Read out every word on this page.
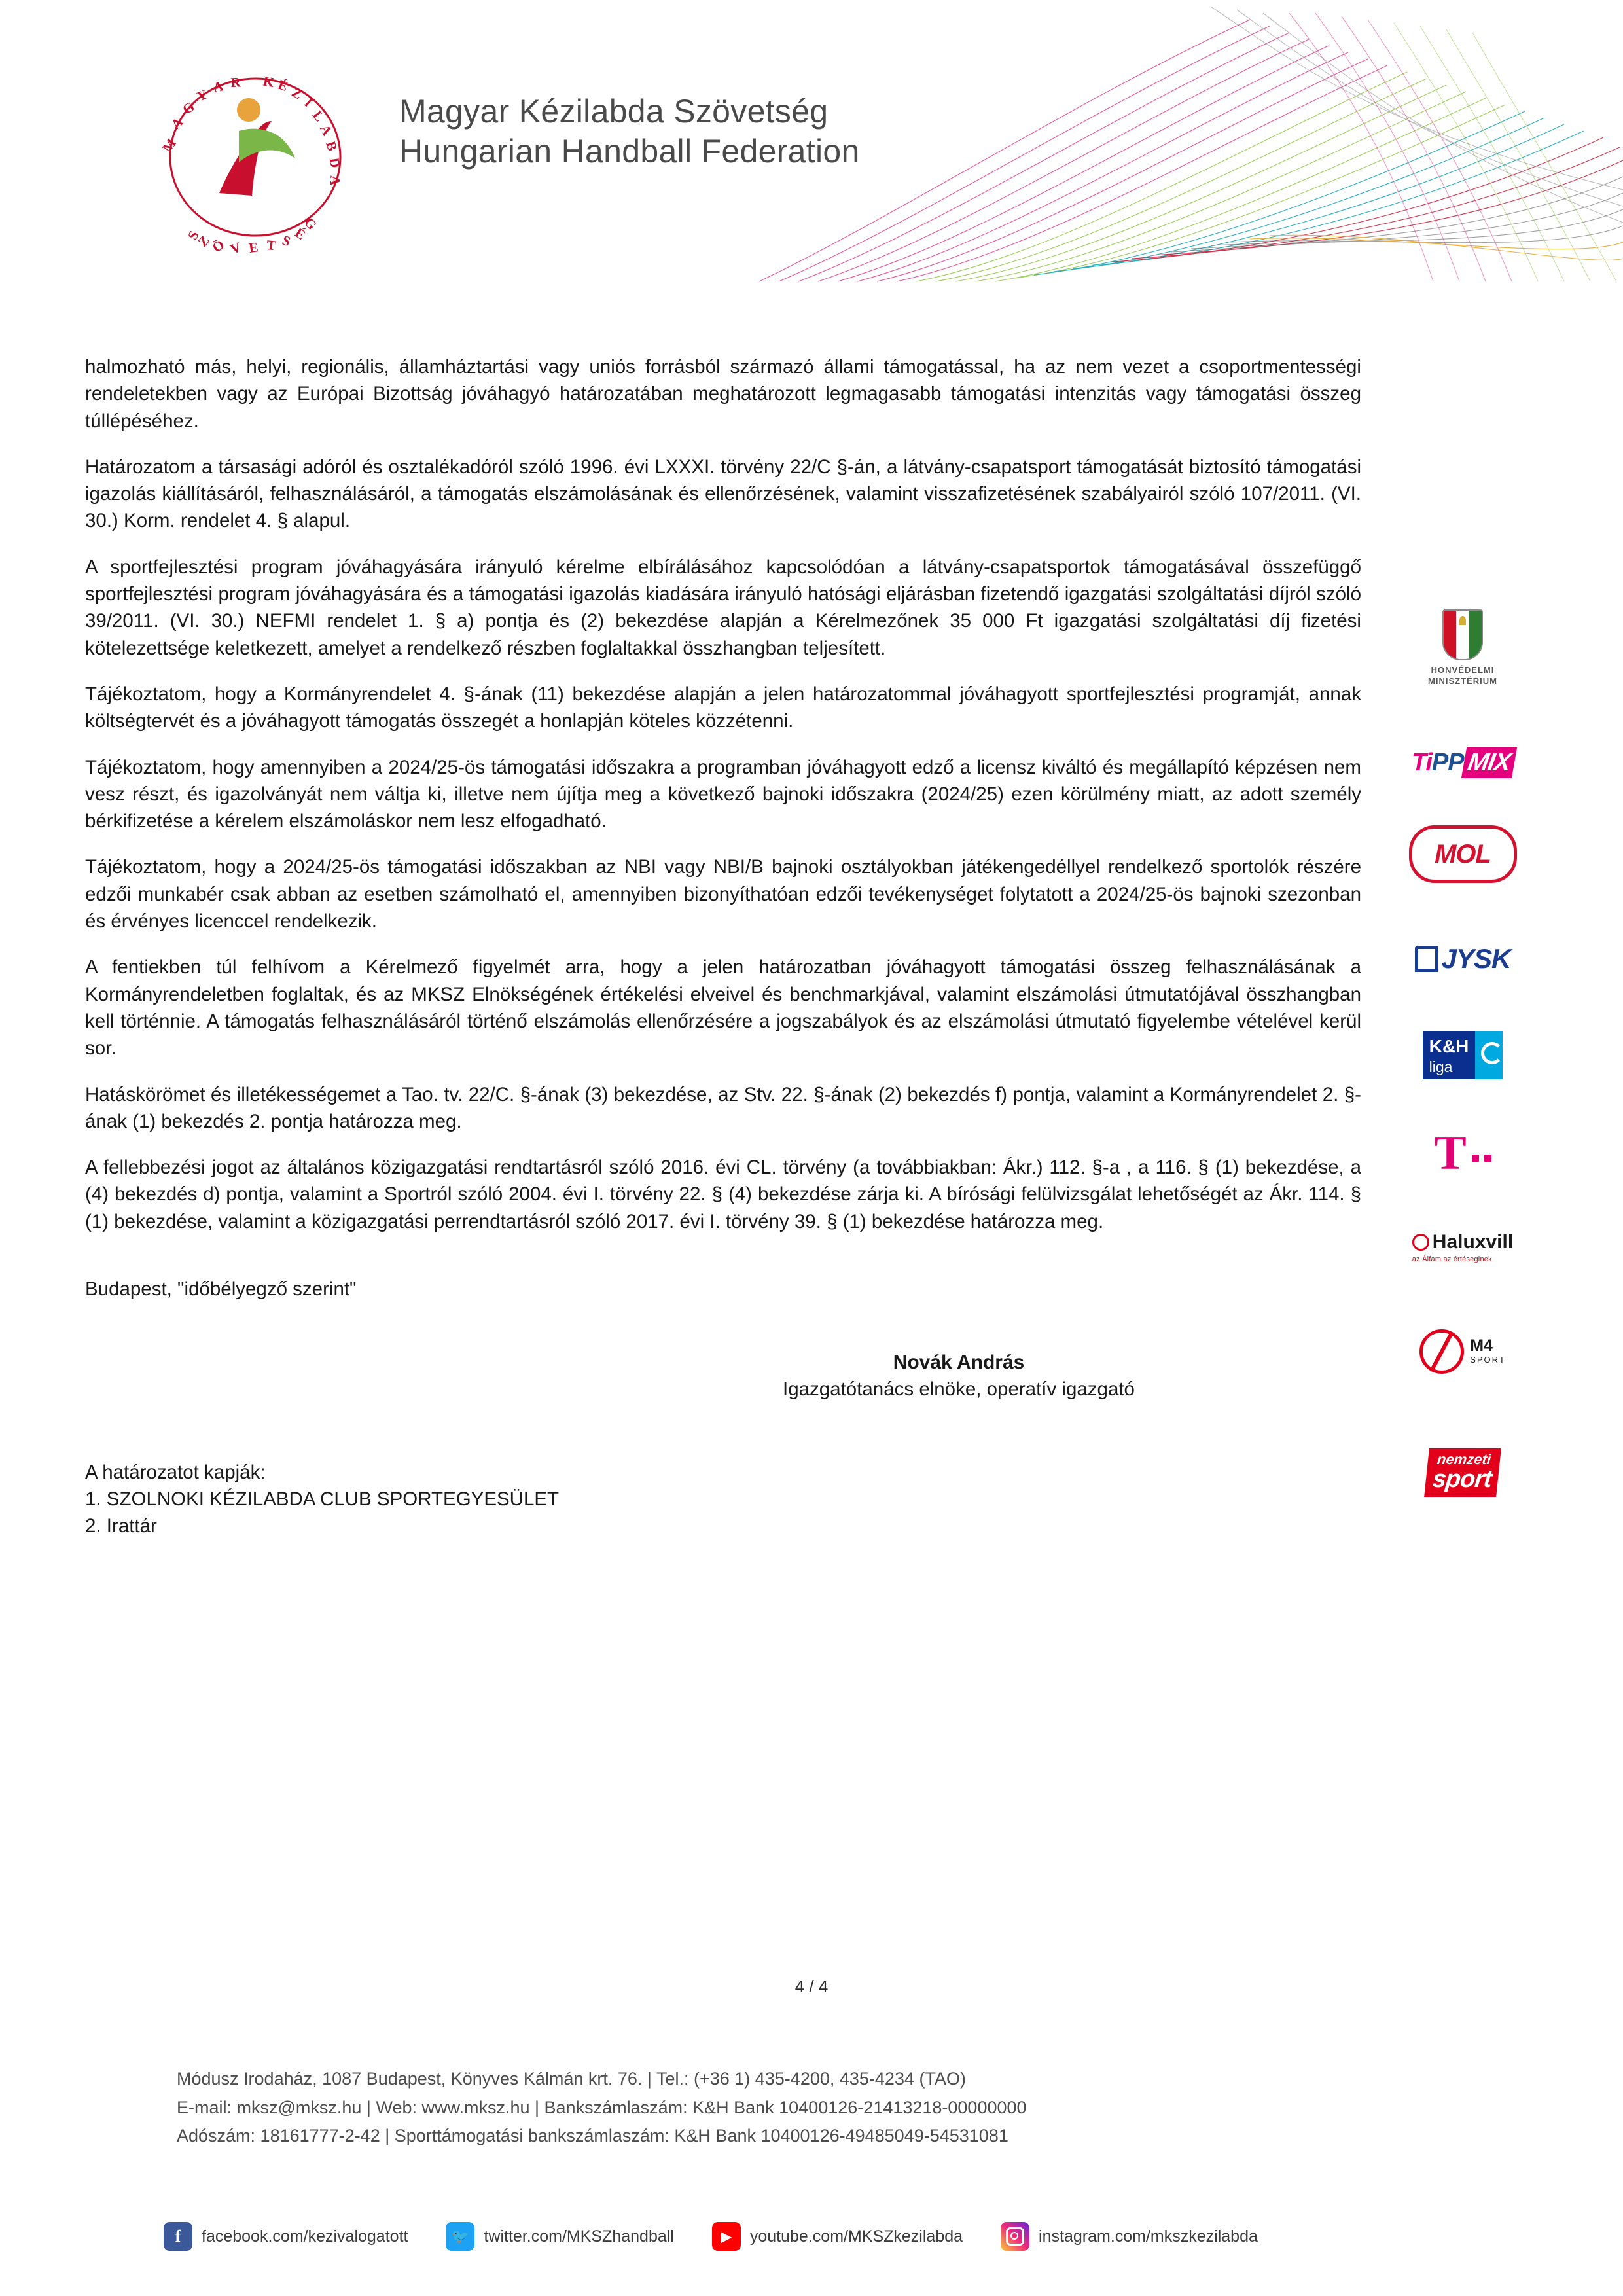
M
A
G
Y A R K É
Z
I
L
A
B
D
A
S
Z
Ö V E T S É
G
Magyar Kézilabda Szövetség
Hungarian Handball Federation

halmozható más, helyi, regionális, államháztartási vagy uniós forrásból származó állami támogatással, ha az nem vezet a csoportmentességi rendeletekben vagy az Európai Bizottság jóváhagyó határozatában meghatározott legmagasabb támogatási intenzitás vagy támogatási összeg túllépéséhez.

Határozatom a társasági adóról és osztalékadóról szóló 1996. évi LXXXI. törvény 22/C §-án, a látvány-csapatsport támogatását biztosító támogatási igazolás kiállításáról, felhasználásáról, a támogatás elszámolásának és ellenőrzésének, valamint visszafizetésének szabályairól szóló 107/2011. (VI. 30.) Korm. rendelet 4. § alapul.

A sportfejlesztési program jóváhagyására irányuló kérelme elbírálásához kapcsolódóan a látvány-csapatsportok támogatásával összefüggő sportfejlesztési program jóváhagyására és a támogatási igazolás kiadására irányuló hatósági eljárásban fizetendő igazgatási szolgáltatási díjról szóló 39/2011. (VI. 30.) NEFMI rendelet 1. § a) pontja és (2) bekezdése alapján a Kérelmezőnek 35 000 Ft igazgatási szolgáltatási díj fizetési kötelezettsége keletkezett, amelyet a rendelkező részben foglaltakkal összhangban teljesített.

Tájékoztatom, hogy a Kormányrendelet 4. §-ának (11) bekezdése alapján a jelen határozatommal jóváhagyott sportfejlesztési programját, annak költségtervét és a jóváhagyott támogatás összegét a honlapján köteles közzétenni.

Tájékoztatom, hogy amennyiben a 2024/25-ös támogatási időszakra a programban jóváhagyott edző a licensz kiváltó és megállapító képzésen nem vesz részt, és igazolványát nem váltja ki, illetve nem újítja meg a következő bajnoki időszakra (2024/25) ezen körülmény miatt, az adott személy bérkifizetése a kérelem elszámoláskor nem lesz elfogadható.

Tájékoztatom, hogy a 2024/25-ös támogatási időszakban az NBI vagy NBI/B bajnoki osztályokban játékengedéllyel rendelkező sportolók részére edzői munkabér csak abban az esetben számolható el, amennyiben bizonyíthatóan edzői tevékenységet folytatott a 2024/25-ös bajnoki szezonban és érvényes licenccel rendelkezik.

A fentiekben túl felhívom a Kérelmező figyelmét arra, hogy a jelen határozatban jóváhagyott támogatási összeg felhasználásának a Kormányrendeletben foglaltak, és az MKSZ Elnökségének értékelési elveivel és benchmarkjával, valamint elszámolási útmutatójával összhangban kell történnie. A támogatás felhasználásáról történő elszámolás ellenőrzésére a jogszabályok és az elszámolási útmutató figyelembe vételével kerül sor.

Hatáskörömet és illetékességemet a Tao. tv. 22/C. §-ának (3) bekezdése, az Stv. 22. §-ának (2) bekezdés f) pontja, valamint a Kormányrendelet 2. §-ának (1) bekezdés 2. pontja határozza meg.

A fellebbezési jogot az általános közigazgatási rendtartásról szóló 2016. évi CL. törvény (a továbbiakban: Ákr.) 112. §-a , a 116. § (1) bekezdése, a (4) bekezdés d) pontja, valamint a Sportról szóló 2004. évi I. törvény 22. § (4) bekezdése zárja ki. A bírósági felülvizsgálat lehetőségét az Ákr. 114. § (1) bekezdése, valamint a közigazgatási perrendtartásról szóló 2017. évi I. törvény 39. § (1) bekezdése határozza meg.

Budapest, "időbélyegző szerint"
Novák András
Igazgatótanács elnöke, operatív igazgató
A határozatot kapják:
1. SZOLNOKI KÉZILABDA CLUB SPORTEGYESÜLET
2. Irattár
HONVÉDELMI
MINISZTÉRIUM
TiPPMIX
MOL
JYSK
K&H
liga
T
Haluxvill
az Álfam az értéseginek
M4
SPORT
nemzeti
sport
4 / 4
Módusz Irodaház, 1087 Budapest, Könyves Kálmán krt. 76. | Tel.: (+36 1) 435-4200, 435-4234 (TAO)
E-mail: mksz@mksz.hu | Web: www.mksz.hu | Bankszámlaszám: K&H Bank 10400126-21413218-00000000
Adószám: 18161777-2-42 | Sporttámogatási bankszámlaszám: K&H Bank 10400126-49485049-54531081
f	facebook.com/kezivalogatott	🐦 twitter.com/MKSZhandball	▶	youtube.com/MKSZkezilabda	instagram.com/mkszkezilabda
